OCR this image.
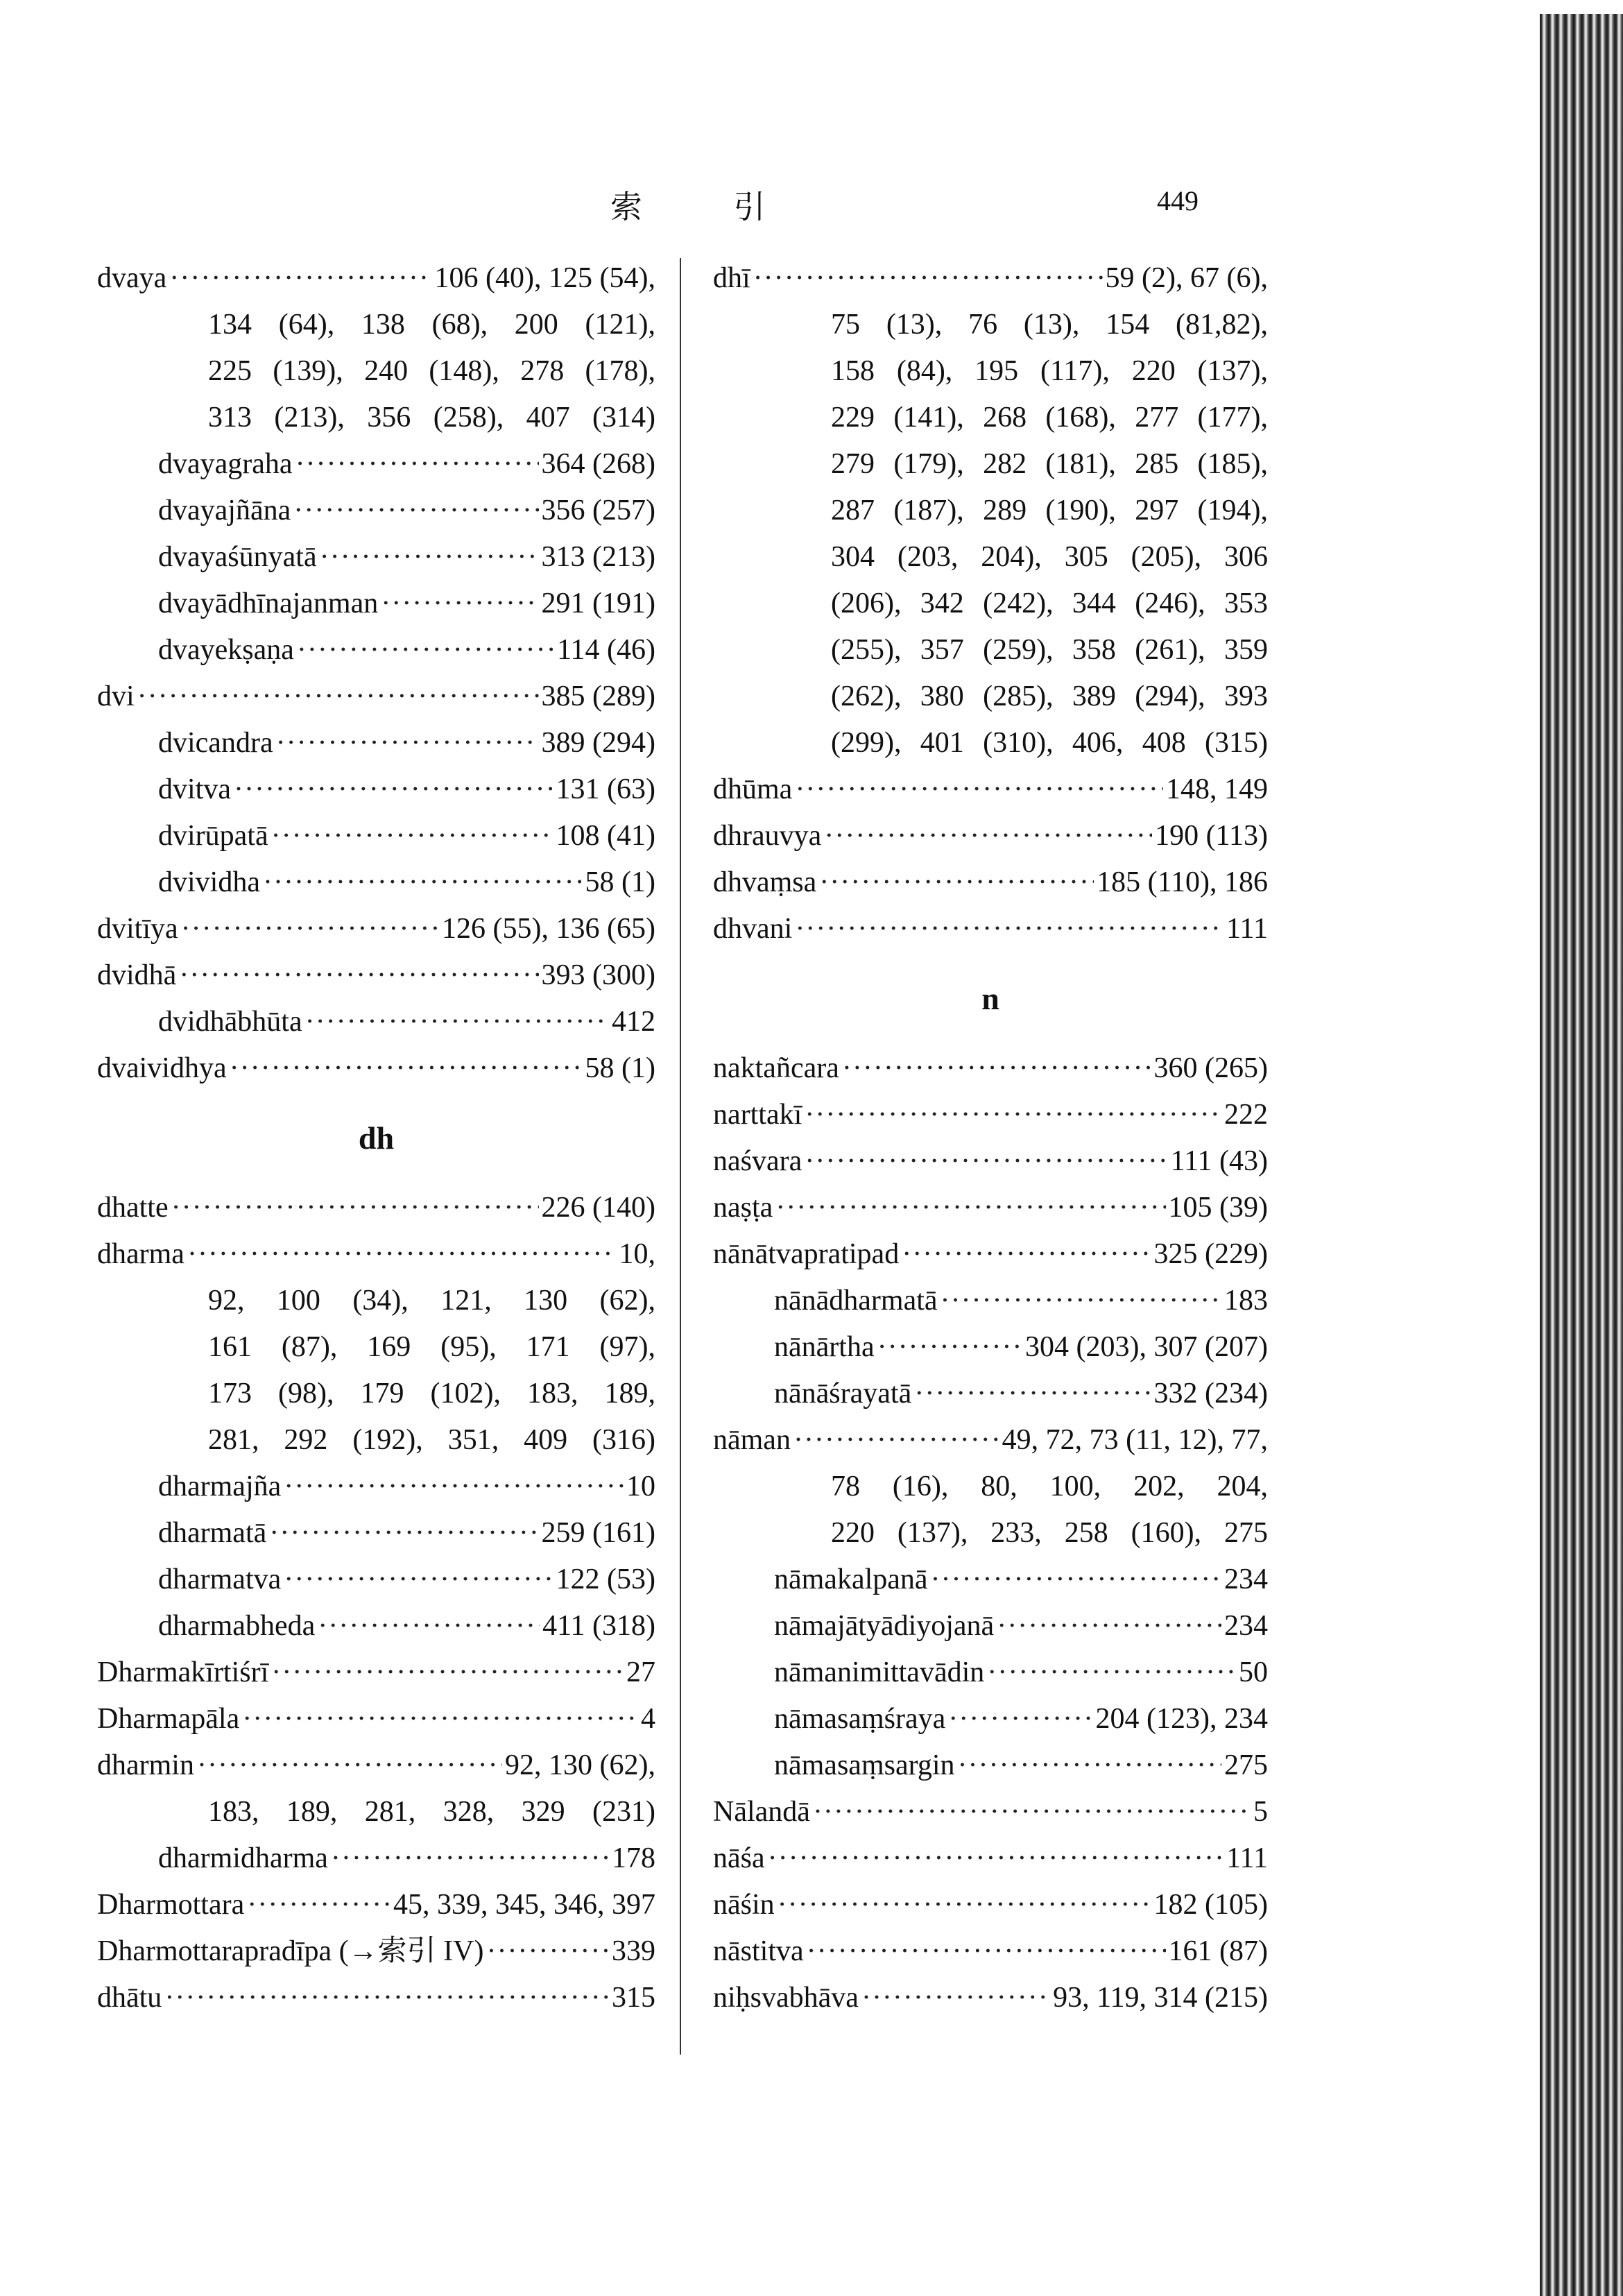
索 引	449
dvaya ·····	106 (40), 125 (54),
134 (64), 138 (68), 200 (121),
225 (139), 240 (148), 278 (178),
313 (213), 356 (258), 407 (314)
dvayagraha ·····	364 (268)
dvayajñāna ·····	356 (257)
dvayaśūnyatā ·····	313 (213)
dvayādhīnajanman ·····	291 (191)
dvayekṣaṇa ·····	114 (46)
dvi ·····	385 (289)
dvicandra ·····	389 (294)
dvitva ·····	131 (63)
dvirūpatā ·····	108 (41)
dvividha ·····	58 (1)
dvitīya ·····	126 (55), 136 (65)
dvidhā ·····	393 (300)
dvidhābhūta ·····	412
dvaividhya ·····	58 (1)
dh
dhatte ·····	226 (140)
dharma ·····	10,
92, 100 (34), 121, 130 (62),
161 (87), 169 (95), 171 (97),
173 (98), 179 (102), 183, 189,
281, 292 (192), 351, 409 (316)
dharmajña ·····	10
dharmatā ·····	259 (161)
dharmatva ·····	122 (53)
dharmabheda ·····	411 (318)
Dharmakīrtiśrī ·····	27
Dharmapāla ·····	4
dharmin ·····	92, 130 (62),
183, 189, 281, 328, 329 (231)
dharmidharma ·····	178
Dharmottara ·····	45, 339, 345, 346, 397
Dharmottarapradīpa (→索引 IV) ·····	339
dhātu ·····	315
dhī ·····	59 (2), 67 (6),
75 (13), 76 (13), 154 (81,82),
158 (84), 195 (117), 220 (137),
229 (141), 268 (168), 277 (177),
279 (179), 282 (181), 285 (185),
287 (187), 289 (190), 297 (194),
304 (203, 204), 305 (205), 306
(206), 342 (242), 344 (246), 353
(255), 357 (259), 358 (261), 359
(262), 380 (285), 389 (294), 393
(299), 401 (310), 406, 408 (315)
dhūma ·····	148, 149
dhrauvya ·····	190 (113)
dhvaṃsa ·····	185 (110), 186
dhvani ·····	111
n
naktañcara ·····	360 (265)
narttakī ·····	222
naśvara ·····	111 (43)
naṣṭa ·····	105 (39)
nānātvapratipad ·····	325 (229)
nānādharmatā ·····	183
nānārtha ·····	304 (203), 307 (207)
nānāśrayatā ·····	332 (234)
nāman ·····	49, 72, 73 (11, 12), 77,
78 (16), 80, 100, 202, 204,
220 (137), 233, 258 (160), 275
nāmakalpanā ·····	234
nāmajātyādiyojanā ·····	234
nāmanimittavādin ·····	50
nāmasaṃśraya ·····	204 (123), 234
nāmasaṃsargin ·····	275
Nālandā ·····	5
nāśa ·····	111
nāśin ·····	182 (105)
nāstitva ·····	161 (87)
niḥsvabhāva ·····	93, 119, 314 (215)
